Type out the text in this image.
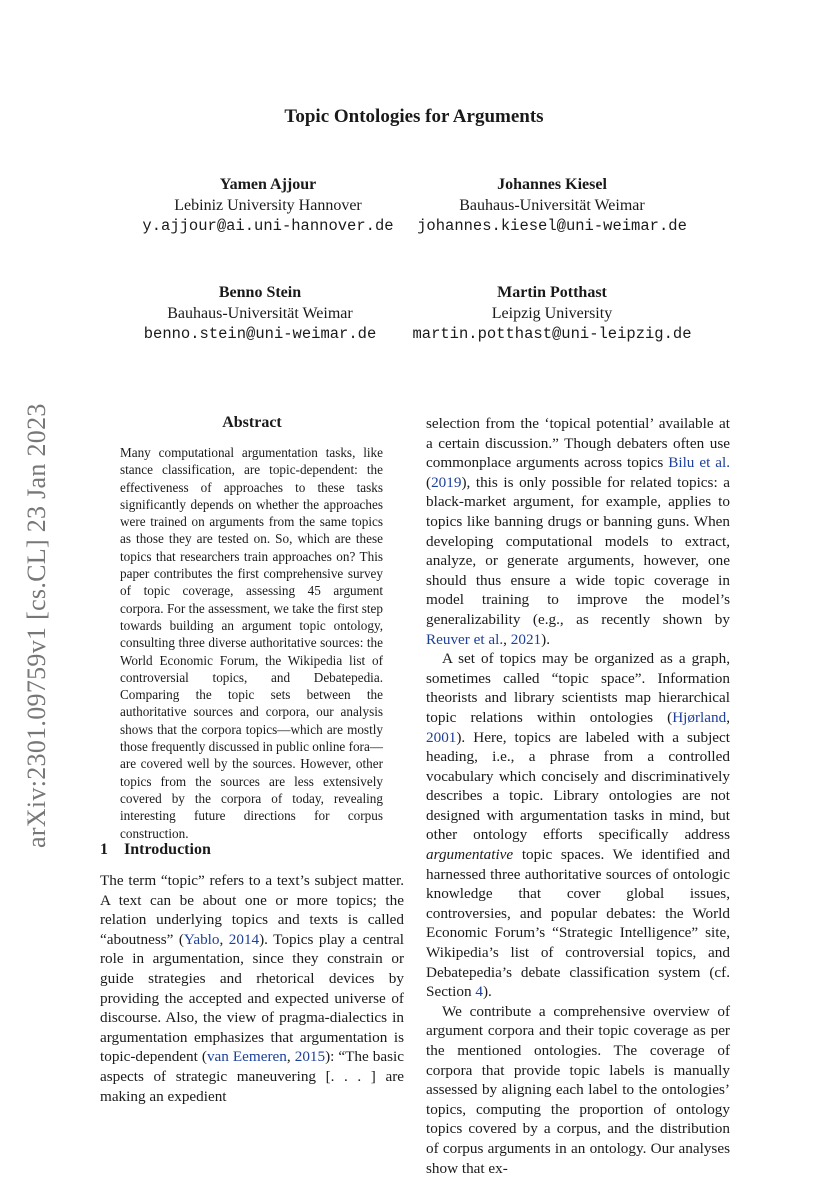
Topic Ontologies for Arguments
Yamen Ajjour
Lebiniz University Hannover
y.ajjour@ai.uni-hannover.de
Johannes Kiesel
Bauhaus-Universität Weimar
johannes.kiesel@uni-weimar.de
Benno Stein
Bauhaus-Universität Weimar
benno.stein@uni-weimar.de
Martin Potthast
Leipzig University
martin.potthast@uni-leipzig.de
arXiv:2301.09759v1 [cs.CL] 23 Jan 2023	Abstract
Many computational argumentation tasks, like stance classification, are topic-dependent: the effectiveness of approaches to these tasks significantly depends on whether the approaches were trained on arguments from the same topics as those they are tested on. So, which are these topics that researchers train approaches on? This paper contributes the first comprehensive survey of topic coverage, assessing 45 argument corpora. For the assessment, we take the first step towards building an argument topic ontology, consulting three diverse authoritative sources: the World Economic Forum, the Wikipedia list of controversial topics, and Debatepedia. Comparing the topic sets between the authoritative sources and corpora, our analysis shows that the corpora topics—which are mostly those frequently discussed in public online fora—are covered well by the sources. However, other topics from the sources are less extensively covered by the corpora of today, revealing interesting future directions for corpus construction.
1 Introduction
The term “topic” refers to a text’s subject matter. A text can be about one or more topics; the relation underlying topics and texts is called “aboutness” (Yablo, 2014). Topics play a central role in argumentation, since they constrain or guide strategies and rhetorical devices by providing the accepted and expected universe of discourse. Also, the view of pragma-dialectics in argumentation emphasizes that argumentation is topic-dependent (van Eemeren, 2015): “The basic aspects of strategic maneuvering [. . . ] are making an expedient

selection from the ‘topical potential’ available at a certain discussion.” Though debaters often use commonplace arguments across topics Bilu et al. (2019), this is only possible for related topics: a black-market argument, for example, applies to topics like banning drugs or banning guns. When developing computational models to extract, analyze, or generate arguments, however, one should thus ensure a wide topic coverage in model training to improve the model’s generalizability (e.g., as recently shown by Reuver et al., 2021).

A set of topics may be organized as a graph, sometimes called “topic space”. Information theorists and library scientists map hierarchical topic relations within ontologies (Hjørland, 2001). Here, topics are labeled with a subject heading, i.e., a phrase from a controlled vocabulary which concisely and discriminatively describes a topic. Library ontologies are not designed with argumentation tasks in mind, but other ontology efforts specifically address argumentative topic spaces. We identified and harnessed three authoritative sources of ontologic knowledge that cover global issues, controversies, and popular debates: the World Economic Forum’s “Strategic Intelligence” site, Wikipedia’s list of controversial topics, and Debatepedia’s debate classification system (cf. Section 4).

We contribute a comprehensive overview of argument corpora and their topic coverage as per the mentioned ontologies. The coverage of corpora that provide topic labels is manually assessed by aligning each label to the ontologies’ topics, computing the proportion of ontology topics covered by a corpus, and the distribution of corpus arguments in an ontology. Our analyses show that ex-
